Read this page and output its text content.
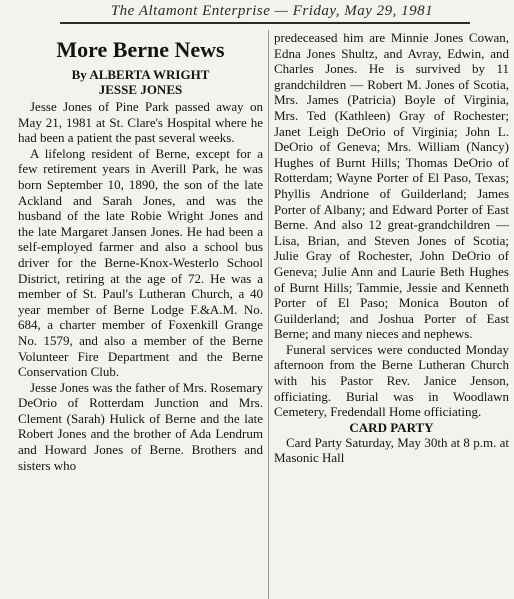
The Altamont Enterprise — Friday, May 29, 1981
More Berne News
By ALBERTA WRIGHT
JESSE JONES

Jesse Jones of Pine Park passed away on May 21, 1981 at St. Clare's Hospital where he had been a patient the past several weeks.

A lifelong resident of Berne, except for a few retirement years in Averill Park, he was born September 10, 1890, the son of the late Ackland and Sarah Jones, and was the husband of the late Robie Wright Jones and the late Margaret Jansen Jones. He had been a self-employed farmer and also a school bus driver for the Berne-Knox-Westerlo School District, retiring at the age of 72. He was a member of St. Paul's Lutheran Church, a 40 year member of Berne Lodge F.&A.M. No. 684, a charter member of Foxenkill Grange No. 1579, and also a member of the Berne Volunteer Fire Department and the Berne Conservation Club.

Jesse Jones was the father of Mrs. Rosemary DeOrio of Rotterdam Junction and Mrs. Clement (Sarah) Hulick of Berne and the late Robert Jones and the brother of Ada Lendrum and Howard Jones of Berne. Brothers and sisters who

predeceased him are Minnie Jones Cowan, Edna Jones Shultz, and Avray, Edwin, and Charles Jones. He is survived by 11 grandchildren — Robert M. Jones of Scotia, Mrs. James (Patricia) Boyle of Virginia, Mrs. Ted (Kathleen) Gray of Rochester; Janet Leigh DeOrio of Virginia; John L. DeOrio of Geneva; Mrs. William (Nancy) Hughes of Burnt Hills; Thomas DeOrio of Rotterdam; Wayne Porter of El Paso, Texas; Phyllis Andrione of Guilderland; James Porter of Albany; and Edward Porter of East Berne. And also 12 great-grandchildren — Lisa, Brian, and Steven Jones of Scotia; Julie Gray of Rochester, John DeOrio of Geneva; Julie Ann and Laurie Beth Hughes of Burnt Hills; Tammie, Jessie and Kenneth Porter of El Paso; Monica Bouton of Guilderland; and Joshua Porter of East Berne; and many nieces and nephews.

Funeral services were conducted Monday afternoon from the Berne Lutheran Church with his Pastor Rev. Janice Jenson, officiating. Burial was in Woodlawn Cemetery, Fredendall Home officiating.

CARD PARTY

Card Party Saturday, May 30th at 8 p.m. at Masonic Hall
